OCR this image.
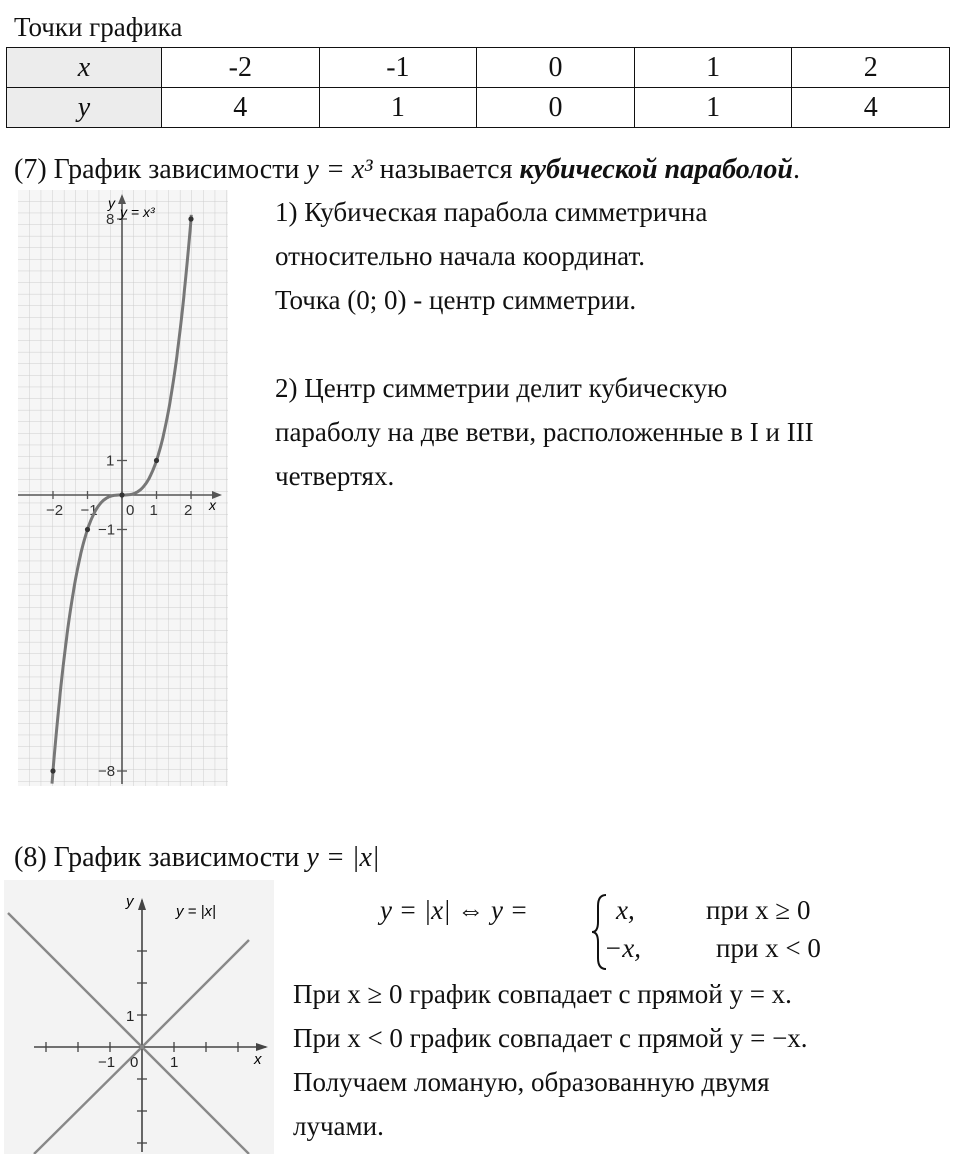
Точки графика
x	-2	-1	0	1	2
y	4	1	0	1	4
(7) График зависимости y = x³ называется кубической параболой.
y
x
−2 −1 0 1 2
8
1
−1
−8
y = x³	1) Кубическая парабола симметрична
относительно начала координат.
Точка (0; 0) - центр симметрии.
2) Центр симметрии делит кубическую
параболу на две ветви, расположенные в I и III
четвертях.
(8) График зависимости y = |x|
y
x
−1 0 1
1
y = |x|	y = |x| ⇔ y =	x,	при x ≥ 0
−x,	при x < 0
При x ≥ 0 график совпадает с прямой y = x.
При x < 0 график совпадает с прямой y = −x.
Получаем ломаную, образованную двумя
лучами.
